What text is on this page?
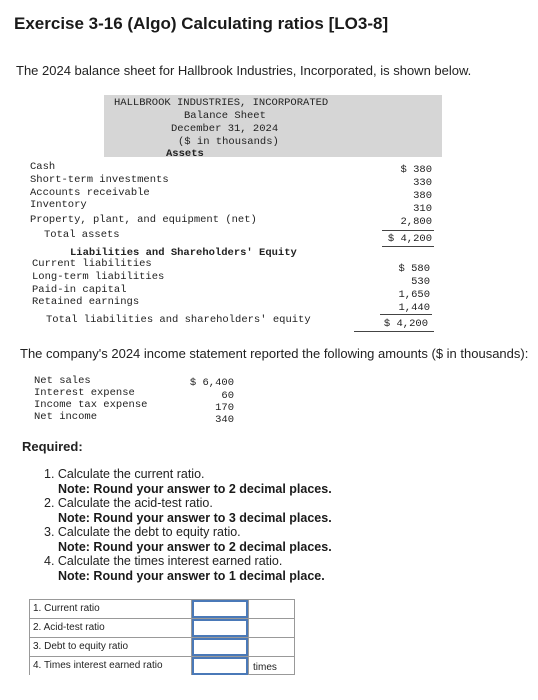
Exercise 3-16 (Algo) Calculating ratios [LO3-8]
The 2024 balance sheet for Hallbrook Industries, Incorporated, is shown below.
HALLBROOK INDUSTRIES, INCORPORATED
Balance Sheet
December 31, 2024
($ in thousands)
Assets
Cash	$ 380
Short-term investments	330
Accounts receivable	380
Inventory	310
Property, plant, and equipment (net)	2,800
Total assets	$ 4,200
Liabilities and Shareholders' Equity
Current liabilities	$ 580
Long-term liabilities	530
Paid-in capital	1,650
Retained earnings	1,440
Total liabilities and shareholders' equity	$ 4,200
The company's 2024 income statement reported the following amounts ($ in thousands):
Net sales	$ 6,400
Interest expense	60
Income tax expense	170
Net income	340
Required:
1. Calculate the current ratio.
Note: Round your answer to 2 decimal places.
2. Calculate the acid-test ratio.
Note: Round your answer to 3 decimal places.
3. Calculate the debt to equity ratio.
Note: Round your answer to 2 decimal places.
4. Calculate the times interest earned ratio.
Note: Round your answer to 1 decimal place.
1. Current ratio
2. Acid-test ratio
3. Debt to equity ratio
4. Times interest earned ratio	times
